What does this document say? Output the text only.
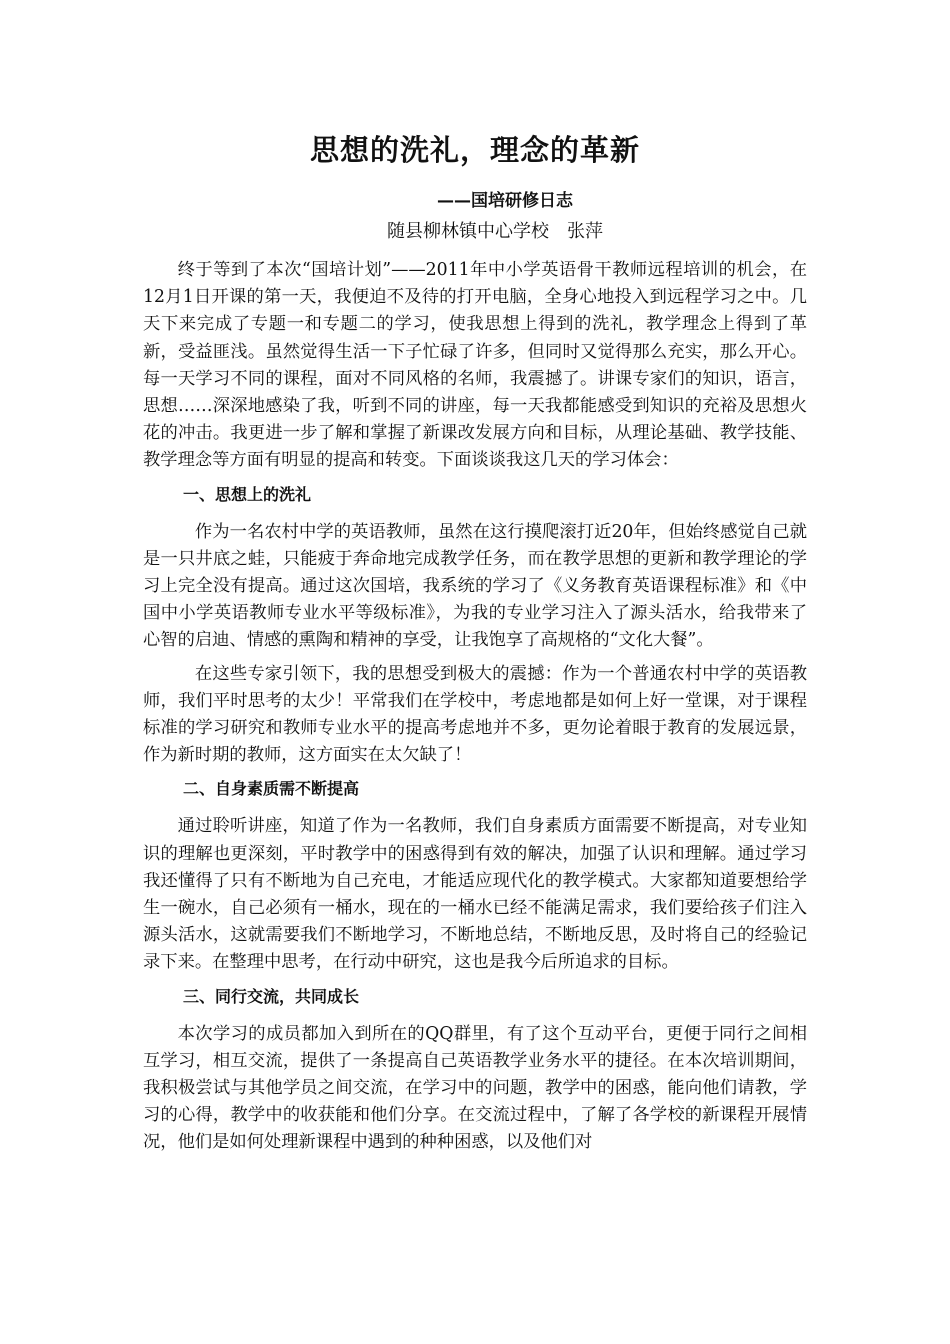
思想的洗礼，理念的革新
——国培研修日志
随县柳林镇中心学校　张萍

终于等到了本次“国培计划”——2011年中小学英语骨干教师远程培训的机会，在12月1日开课的第一天，我便迫不及待的打开电脑，全身心地投入到远程学习之中。几天下来完成了专题一和专题二的学习，使我思想上得到的洗礼，教学理念上得到了革新，受益匪浅。虽然觉得生活一下子忙碌了许多，但同时又觉得那么充实，那么开心。每一天学习不同的课程，面对不同风格的名师，我震撼了。讲课专家们的知识，语言，思想……深深地感染了我，听到不同的讲座，每一天我都能感受到知识的充裕及思想火花的冲击。我更进一步了解和掌握了新课改发展方向和目标，从理论基础、教学技能、教学理念等方面有明显的提高和转变。下面谈谈我这几天的学习体会：

一、思想上的洗礼

作为一名农村中学的英语教师，虽然在这行摸爬滚打近20年，但始终感觉自己就是一只井底之蛙，只能疲于奔命地完成教学任务，而在教学思想的更新和教学理论的学习上完全没有提高。通过这次国培，我系统的学习了《义务教育英语课程标准》和《中国中小学英语教师专业水平等级标准》，为我的专业学习注入了源头活水，给我带来了心智的启迪、情感的熏陶和精神的享受，让我饱享了高规格的“文化大餐”。

在这些专家引领下，我的思想受到极大的震撼：作为一个普通农村中学的英语教师，我们平时思考的太少！平常我们在学校中，考虑地都是如何上好一堂课，对于课程标准的学习研究和教师专业水平的提高考虑地并不多，更勿论着眼于教育的发展远景，作为新时期的教师，这方面实在太欠缺了！

二、自身素质需不断提高

通过聆听讲座，知道了作为一名教师，我们自身素质方面需要不断提高，对专业知识的理解也更深刻，平时教学中的困惑得到有效的解决，加强了认识和理解。通过学习我还懂得了只有不断地为自己充电，才能适应现代化的教学模式。大家都知道要想给学生一碗水，自己必须有一桶水，现在的一桶水已经不能满足需求，我们要给孩子们注入源头活水，这就需要我们不断地学习，不断地总结，不断地反思，及时将自己的经验记录下来。在整理中思考，在行动中研究，这也是我今后所追求的目标。

三、同行交流，共同成长

本次学习的成员都加入到所在的QQ群里，有了这个互动平台，更便于同行之间相互学习，相互交流，提供了一条提高自己英语教学业务水平的捷径。在本次培训期间，我积极尝试与其他学员之间交流，在学习中的问题，教学中的困惑，能向他们请教，学习的心得，教学中的收获能和他们分享。在交流过程中，了解了各学校的新课程开展情况，他们是如何处理新课程中遇到的种种困惑，以及他们对
